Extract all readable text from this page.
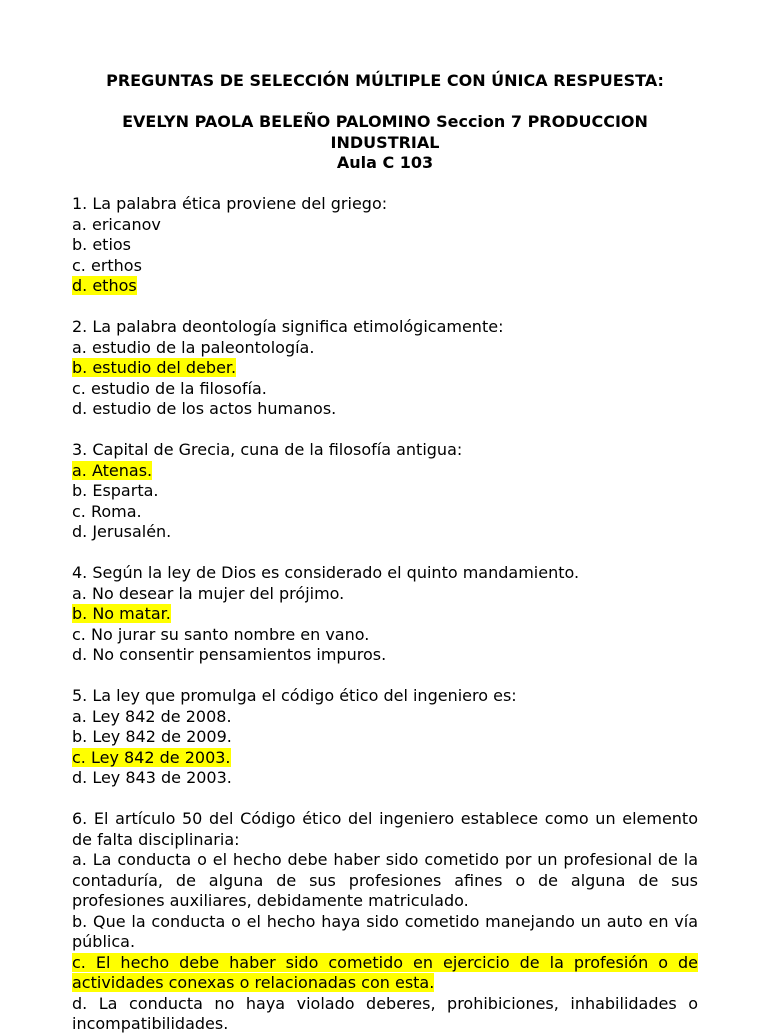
PREGUNTAS DE SELECCIÓN MÚLTIPLE CON ÚNICA RESPUESTA:
EVELYN PAOLA BELEÑO PALOMINO Seccion 7 PRODUCCION
INDUSTRIAL
Aula C 103
1. La palabra ética proviene del griego:
a. ericanov
b. etios
c. erthos
d. ethos
2. La palabra deontología significa etimológicamente:
a. estudio de la paleontología.
b. estudio del deber.
c. estudio de la filosofía.
d. estudio de los actos humanos.
3. Capital de Grecia, cuna de la filosofía antigua:
a. Atenas.
b. Esparta.
c. Roma.
d. Jerusalén.
4. Según la ley de Dios es considerado el quinto mandamiento.
a. No desear la mujer del prójimo.
b. No matar.
c. No jurar su santo nombre en vano.
d. No consentir pensamientos impuros.
5. La ley que promulga el código ético del ingeniero es:
a. Ley 842 de 2008.
b. Ley 842 de 2009.
c. Ley 842 de 2003.
d. Ley 843 de 2003.
6. El artículo 50 del Código ético del ingeniero establece como un elemento de falta disciplinaria:
a. La conducta o el hecho debe haber sido cometido por un profesional de la contaduría, de alguna de sus profesiones afines o de alguna de sus profesiones auxiliares, debidamente matriculado.
b. Que la conducta o el hecho haya sido cometido manejando un auto en vía pública.
c. El hecho debe haber sido cometido en ejercicio de la profesión o de actividades conexas o relacionadas con esta.
d. La conducta no haya violado deberes, prohibiciones, inhabilidades o incompatibilidades.
